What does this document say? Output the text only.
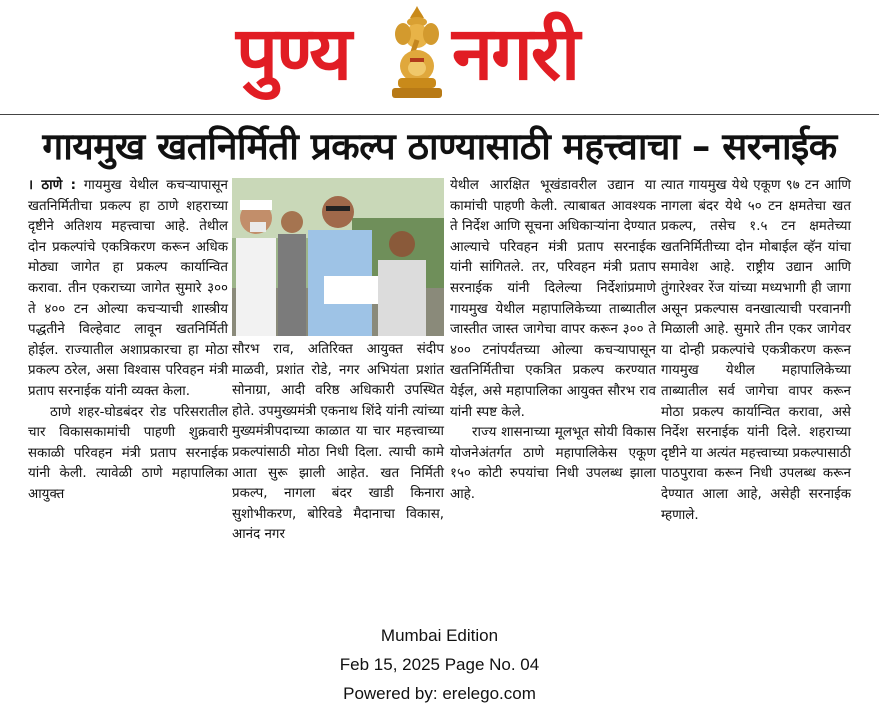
पुण्य नगरी
गायमुख खतनिर्मिती प्रकल्प ठाण्यासाठी महत्त्वाचा – सरनाईक

। ठाणे : गायमुख येथील कचऱ्यापासून खतनिर्मितीचा प्रकल्प हा ठाणे शहराच्या दृष्टीने अतिशय महत्त्वाचा आहे. तेथील दोन प्रकल्पांचे एकत्रिकरण करून अधिक मोठ्या जागेत हा प्रकल्प कार्यान्वित करावा. तीन एकराच्या जागेत सुमारे ३०० ते ४०० टन ओल्या कचऱ्याची शास्त्रीय पद्धतीने विल्हेवाट लावून खतनिर्मिती होईल. राज्यातील अशाप्रकारचा हा मोठा प्रकल्प ठरेल, असा विश्वास परिवहन मंत्री प्रताप सरनाईक यांनी व्यक्त केला.

ठाणे शहर-घोडबंदर रोड परिसरातील चार विकासकामांची पाहणी शुक्रवारी सकाळी परिवहन मंत्री प्रताप सरनाईक यांनी केली. त्यावेळी ठाणे महापालिका आयुक्त

सौरभ राव, अतिरिक्त आयुक्त संदीप माळवी, प्रशांत रोडे, नगर अभियंता प्रशांत सोनाग्रा, आदी वरिष्ठ अधिकारी उपस्थित होते. उपमुख्यमंत्री एकनाथ शिंदे यांनी त्यांच्या मुख्यमंत्रीपदाच्या काळात या चार महत्त्वाच्या प्रकल्पांसाठी मोठा निधी दिला. त्याची कामे आता सुरू झाली आहेत. खत निर्मिती प्रकल्प, नागला बंदर खाडी किनारा सुशोभीकरण, बोरिवडे मैदानाचा विकास, आनंद नगर

येथील आरक्षित भूखंडावरील उद्यान या कामांची पाहणी केली. त्याबाबत आवश्यक ते निर्देश आणि सूचना अधिकाऱ्यांना देण्यात आल्याचे परिवहन मंत्री प्रताप सरनाईक यांनी सांगितले. तर, परिवहन मंत्री प्रताप सरनाईक यांनी दिलेल्या निर्देशांप्रमाणे गायमुख येथील महापालिकेच्या ताब्यातील जास्तीत जास्त जागेचा वापर करून ३०० ते ४०० टनांपर्यंतच्या ओल्या कचऱ्यापासून खतनिर्मितीचा एकत्रित प्रकल्प करण्यात येईल, असे महापालिका आयुक्त सौरभ राव यांनी स्पष्ट केले.

राज्य शासनाच्या मूलभूत सोयी विकास योजनेअंतर्गत ठाणे महापालिकेस एकूण १५० कोटी रुपयांचा निधी उपलब्ध झाला आहे.

त्यात गायमुख येथे एकूण ९७ टन आणि नागला बंदर येथे ५० टन क्षमतेचा खत प्रकल्प, तसेच १.५ टन क्षमतेच्या खतनिर्मितीच्या दोन मोबाईल व्हॅन यांचा समावेश आहे. राष्ट्रीय उद्यान आणि तुंगारेश्वर रेंज यांच्या मध्यभागी ही जागा असून प्रकल्पास वनखात्याची परवानगी मिळाली आहे. सुमारे तीन एकर जागेवर या दोन्ही प्रकल्पांचे एकत्रीकरण करून गायमुख येथील महापालिकेच्या ताब्यातील सर्व जागेचा वापर करून मोठा प्रकल्प कार्यान्वित करावा, असे निर्देश सरनाईक यांनी दिले. शहराच्या दृष्टीने या अत्यंत महत्त्वाच्या प्रकल्पासाठी पाठपुरावा करून निधी उपलब्ध करून देण्यात आला आहे, असेही सरनाईक म्हणाले.

Mumbai Edition
Feb 15, 2025 Page No. 04
Powered by: erelego.com
